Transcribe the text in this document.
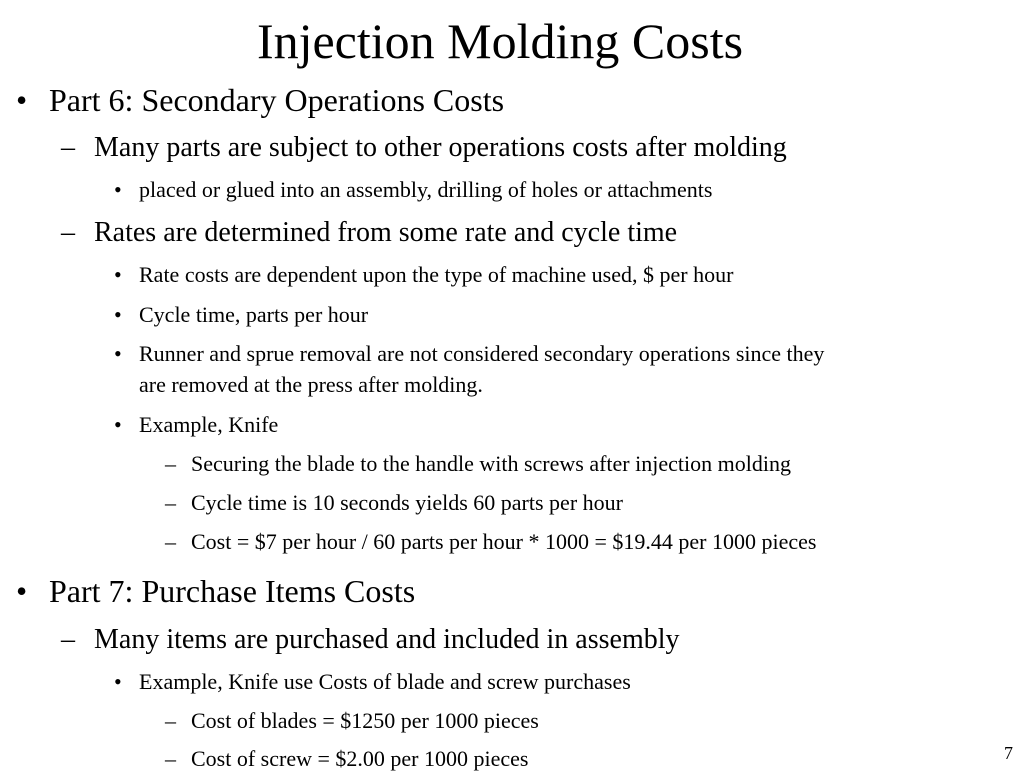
Injection Molding Costs
• Part 6: Secondary Operations Costs
– Many parts are subject to other operations costs after molding
• placed or glued into an assembly, drilling of holes or attachments
– Rates are determined from some rate and cycle time
• Rate costs are dependent upon the type of machine used, $ per hour
• Cycle time, parts per hour
• Runner and sprue removal are not considered secondary operations since they
are removed at the press after molding.
• Example, Knife
– Securing the blade to the handle with screws after injection molding
– Cycle time is 10 seconds yields 60 parts per hour
– Cost = $7 per hour / 60 parts per hour * 1000 = $19.44 per 1000 pieces
• Part 7: Purchase Items Costs
– Many items are purchased and included in assembly
• Example, Knife use Costs of blade and screw purchases
– Cost of blades = $1250 per 1000 pieces
– Cost of screw = $2.00 per 1000 pieces	7
